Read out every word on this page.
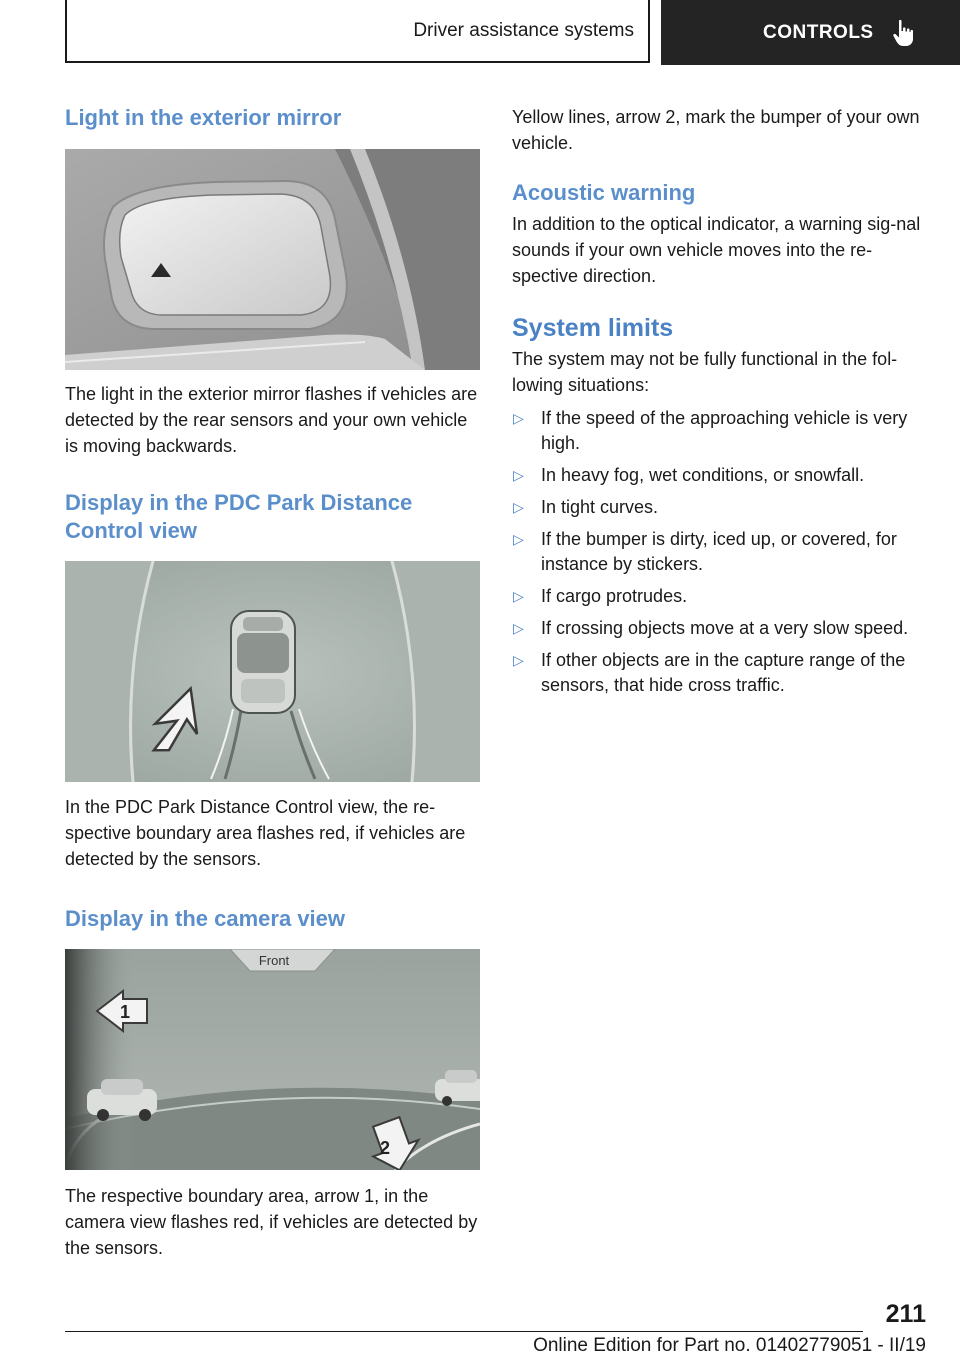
Driver assistance systems	CONTROLS
Light in the exterior mirror

The light in the exterior mirror flashes if vehicles are detected by the rear sensors and your own vehicle is moving backwards.

Display in the PDC Park Distance Control view

In the PDC Park Distance Control view, the re-spective boundary area flashes red, if vehicles are detected by the sensors.

Display in the camera view
Front
1
2

The respective boundary area, arrow 1, in the camera view flashes red, if vehicles are detected by the sensors.

Yellow lines, arrow 2, mark the bumper of your own vehicle.

Acoustic warning

In addition to the optical indicator, a warning sig-nal sounds if your own vehicle moves into the re-spective direction.

System limits

The system may not be fully functional in the fol-lowing situations:

▷ If the speed of the approaching vehicle is very high.
▷ In heavy fog, wet conditions, or snowfall.
▷ In tight curves.
▷ If the bumper is dirty, iced up, or covered, for instance by stickers.
▷ If cargo protrudes.
▷ If crossing objects move at a very slow speed.
▷ If other objects are in the capture range of the sensors, that hide cross traffic.
211
Online Edition for Part no. 01402779051 - II/19
